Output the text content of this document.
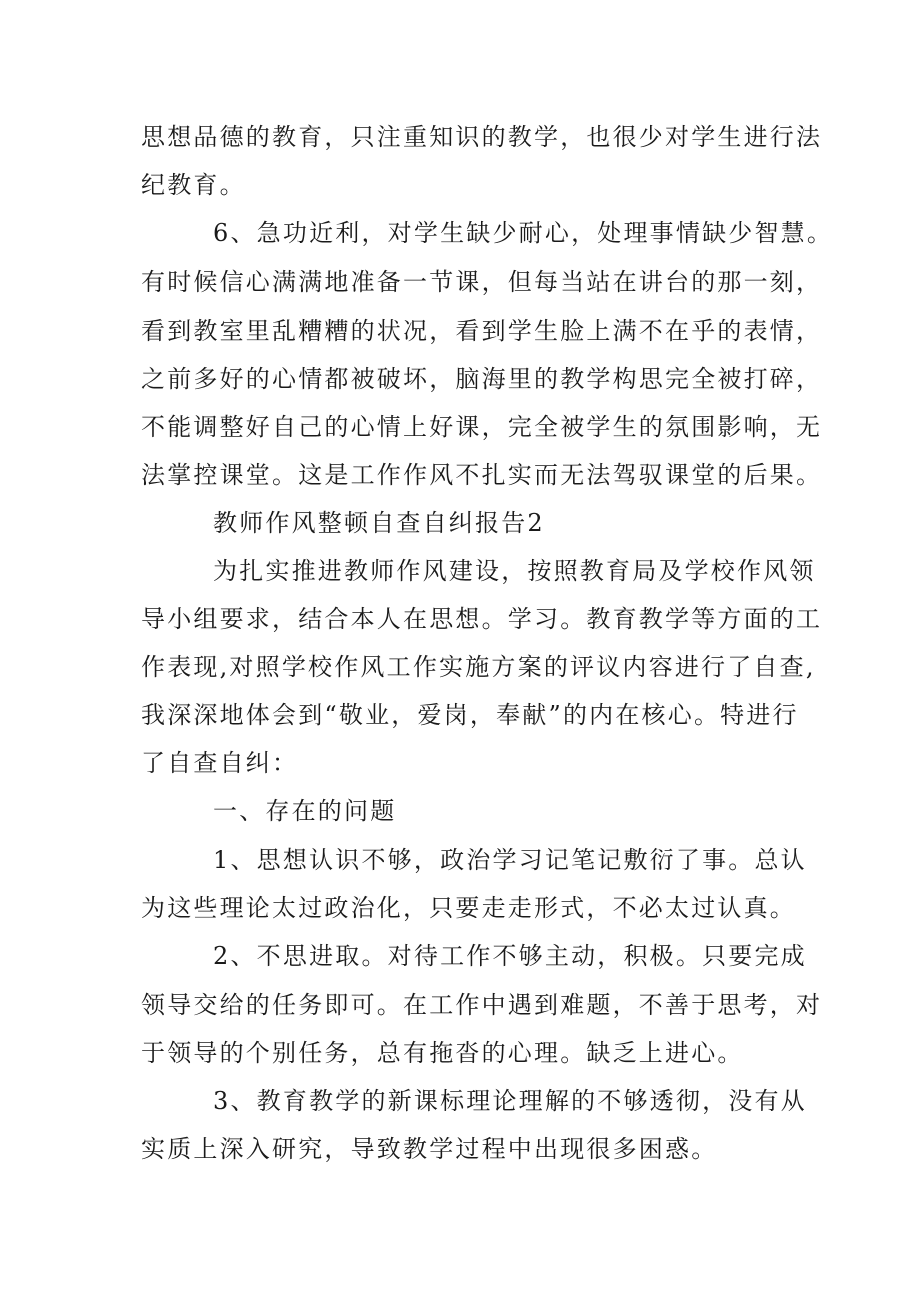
思想品德的教育，只注重知识的教学，也很少对学生进行法
纪教育。
6、急功近利，对学生缺少耐心，处理事情缺少智慧。
有时候信心满满地准备一节课，但每当站在讲台的那一刻，
看到教室里乱糟糟的状况，看到学生脸上满不在乎的表情，
之前多好的心情都被破坏，脑海里的教学构思完全被打碎，
不能调整好自己的心情上好课，完全被学生的氛围影响，无
法掌控课堂。这是工作作风不扎实而无法驾驭课堂的后果。
教师作风整顿自查自纠报告2
为扎实推进教师作风建设，按照教育局及学校作风领
导小组要求，结合本人在思想。学习。教育教学等方面的工
作表现,对照学校作风工作实施方案的评议内容进行了自查,
我深深地体会到“敬业，爱岗，奉献”的内在核心。特进行
了自查自纠：
一、存在的问题
1、思想认识不够，政治学习记笔记敷衍了事。总认
为这些理论太过政治化，只要走走形式，不必太过认真。
2、不思进取。对待工作不够主动，积极。只要完成
领导交给的任务即可。在工作中遇到难题，不善于思考，对
于领导的个别任务，总有拖沓的心理。缺乏上进心。
3、教育教学的新课标理论理解的不够透彻，没有从
实质上深入研究，导致教学过程中出现很多困惑。
